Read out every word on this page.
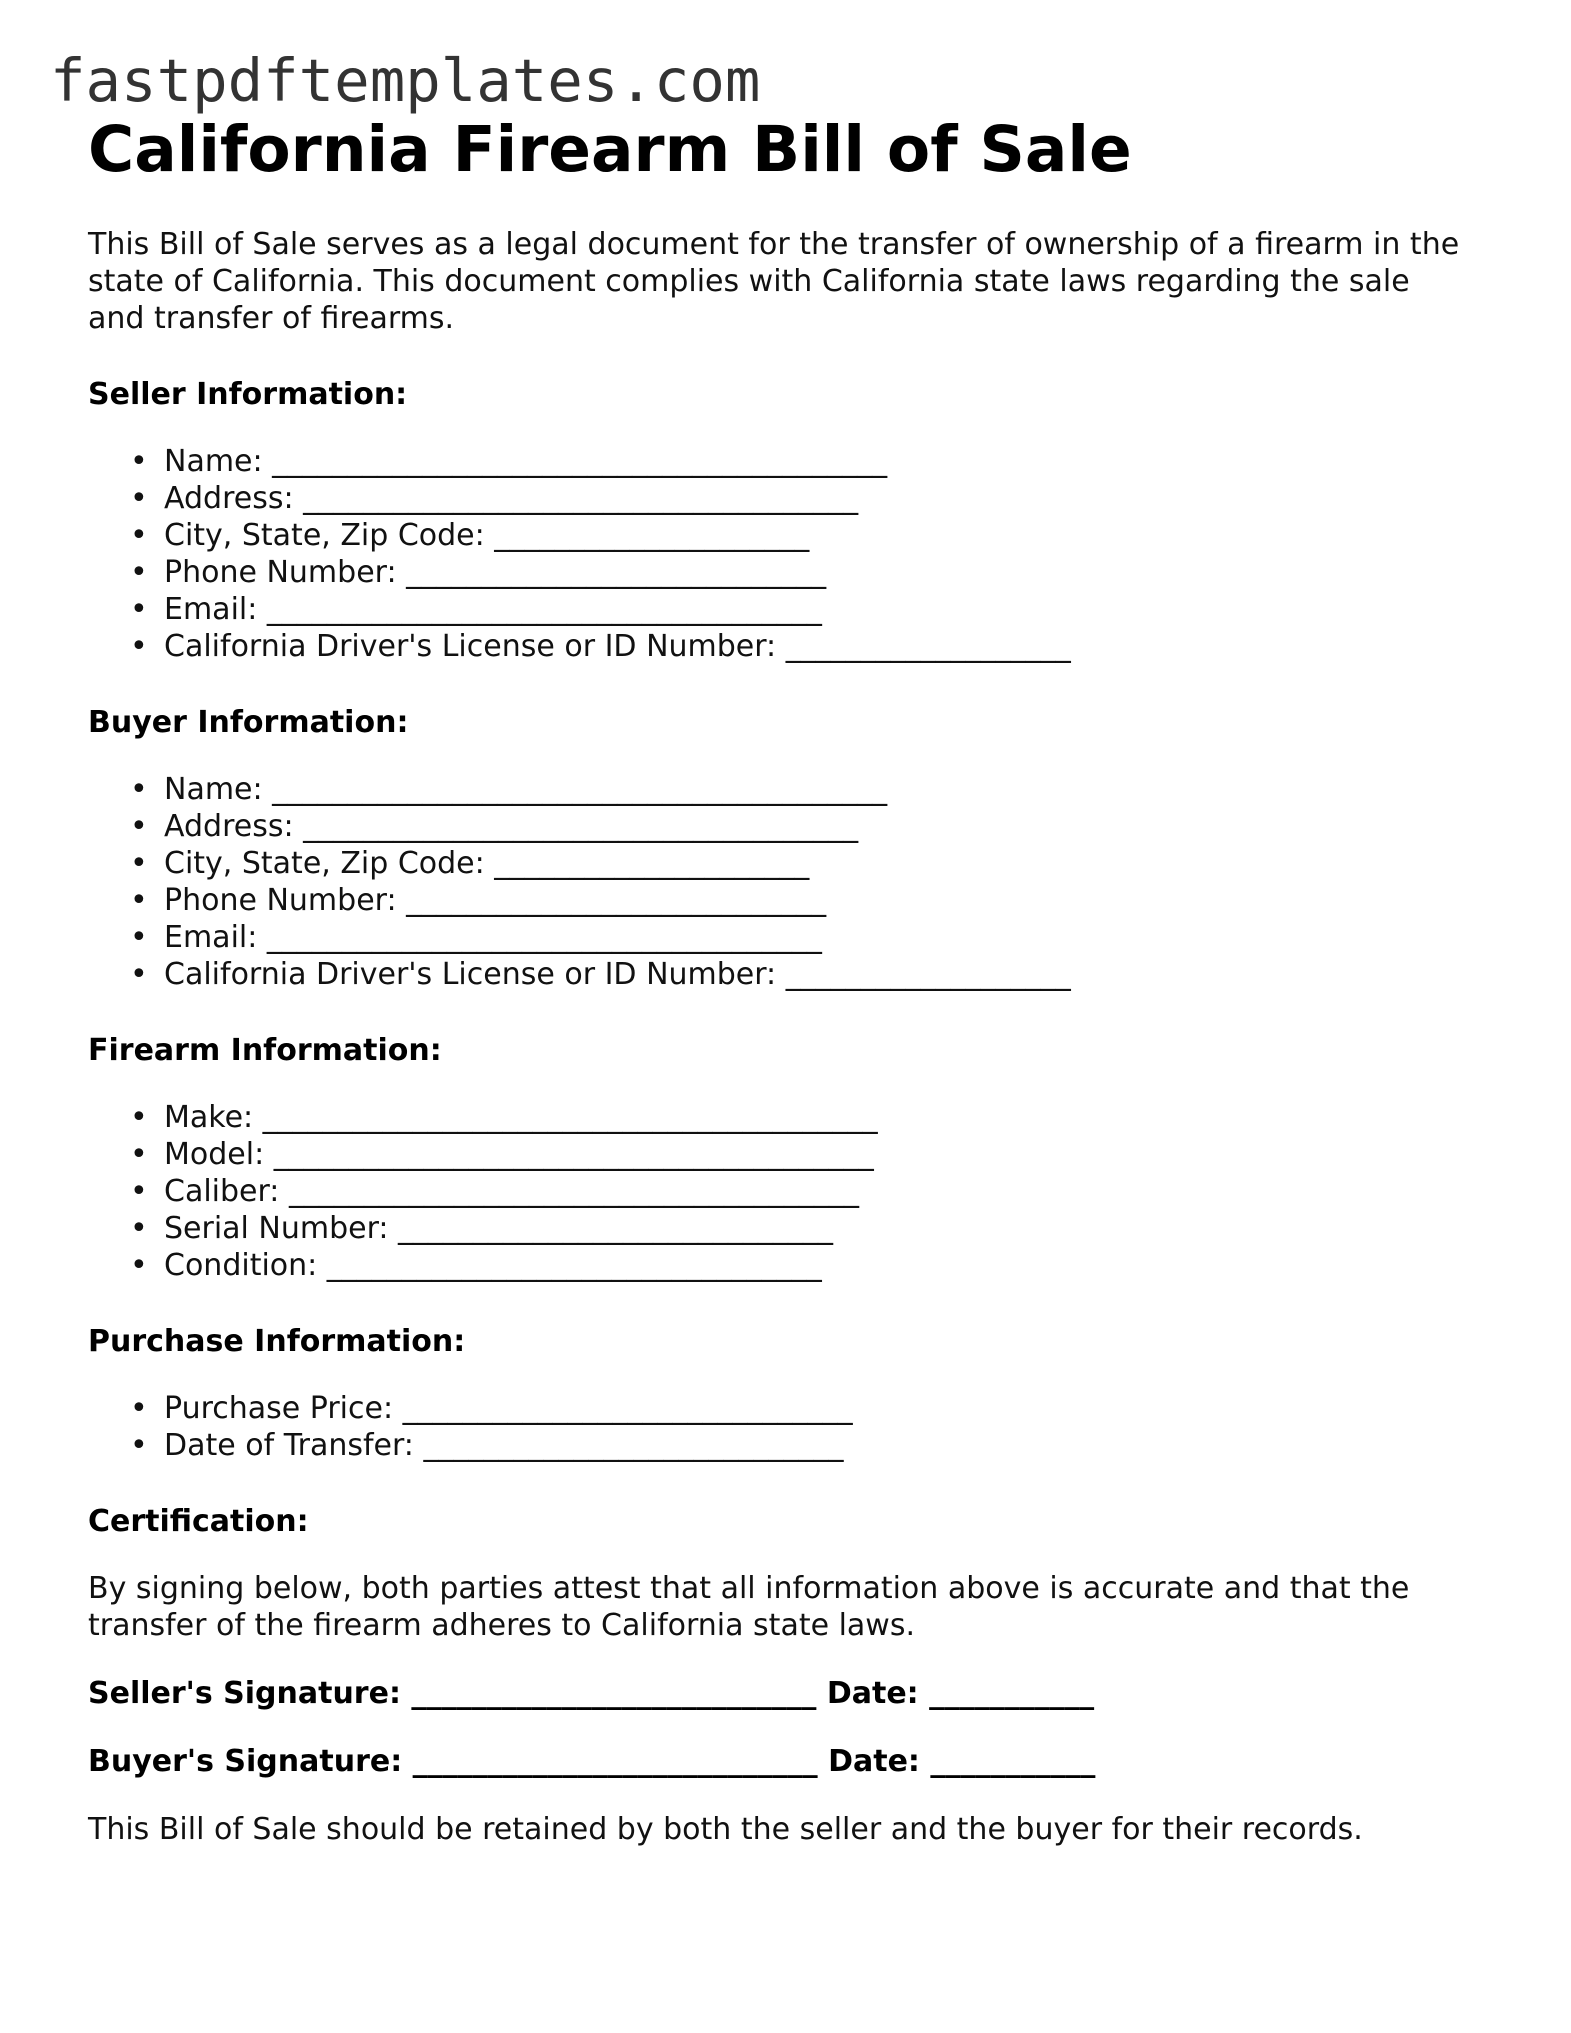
fastpdftemplates.com
California Firearm Bill of Sale

This Bill of Sale serves as a legal document for the transfer of ownership of a firearm in the state of California. This document complies with California state laws regarding the sale and transfer of firearms.

Seller Information:
• Name: _________________________________________
• Address: _____________________________________
• City, State, Zip Code: _____________________
• Phone Number: ____________________________
• Email: _____________________________________
• California Driver's License or ID Number: ___________________
Buyer Information:
• Name: _________________________________________
• Address: _____________________________________
• City, State, Zip Code: _____________________
• Phone Number: ____________________________
• Email: _____________________________________
• California Driver's License or ID Number: ___________________
Firearm Information:
• Make: _________________________________________
• Model: ________________________________________
• Caliber: ______________________________________
• Serial Number: _____________________________
• Condition: _________________________________
Purchase Information:
• Purchase Price: ______________________________
• Date of Transfer: ____________________________
Certification:

By signing below, both parties attest that all information above is accurate and that the transfer of the firearm adheres to California state laws.

Seller's Signature: ___________________________ Date: ___________

Buyer's Signature: ___________________________ Date: ___________

This Bill of Sale should be retained by both the seller and the buyer for their records.
